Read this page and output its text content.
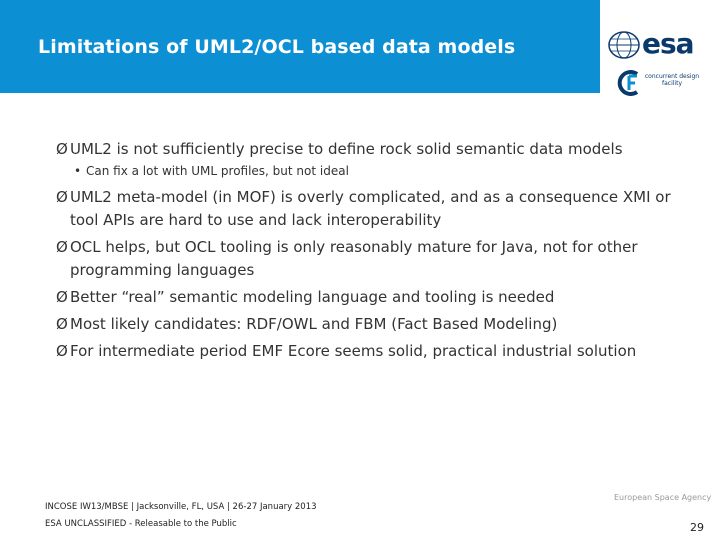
Limitations of UML2/OCL based data models	esa
concurrent design facility
Ø UML2 is not sufficiently precise to define rock solid semantic data models
• Can fix a lot with UML profiles, but not ideal
Ø UML2 meta-model (in MOF) is overly complicated, and as a consequence XMI or tool APIs are hard to use and lack interoperability
Ø OCL helps, but OCL tooling is only reasonably mature for Java, not for other programming languages
Ø Better “real” semantic modeling language and tooling is needed
Ø Most likely candidates: RDF/OWL and FBM (Fact Based Modeling)
Ø For intermediate period EMF Ecore seems solid, practical industrial solution
INCOSE IW13/MBSE | Jacksonville, FL, USA | 26-27 January 2013
ESA UNCLASSIFIED - Releasable to the Public
European Space Agency
29
